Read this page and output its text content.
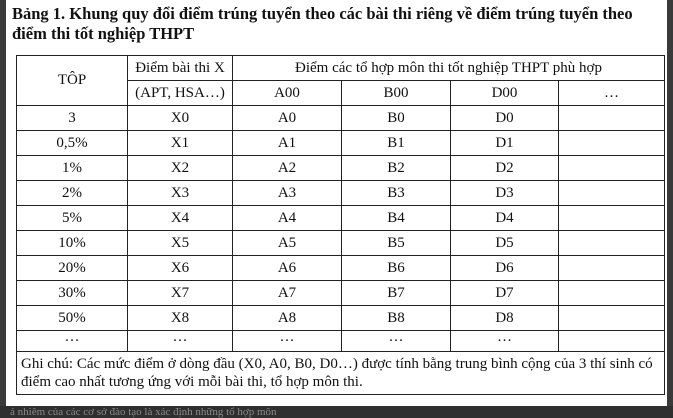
Bảng 1. Khung quy đổi điểm trúng tuyển theo các bài thi riêng về điểm trúng tuyển theo điểm thi tốt nghiệp THPT
TÔP	Điểm bài thi X	Điểm các tổ hợp môn thi tốt nghiệp THPT phù hợp			
	(APT, HSA…)	A00	B00	D00	…
3	X0	A0	B0	D0	
0,5%	X1	A1	B1	D1	
1%	X2	A2	B2	D2	
2%	X3	A3	B3	D3	
5%	X4	A4	B4	D4	
10%	X5	A5	B5	D5	
20%	X6	A6	B6	D6	
30%	X7	A7	B7	D7	
50%	X8	A8	B8	D8	
…	…	…	…	…	
Ghi chú: Các mức điểm ở dòng đầu (X0, A0, B0, D0…) được tính bằng trung bình cộng của 3 thí sinh có điểm cao nhất tương ứng với mỗi bài thi, tổ hợp môn thi.					
ả nhiêm của các cơ sở đào tạo là xác định những tổ hợp môn
